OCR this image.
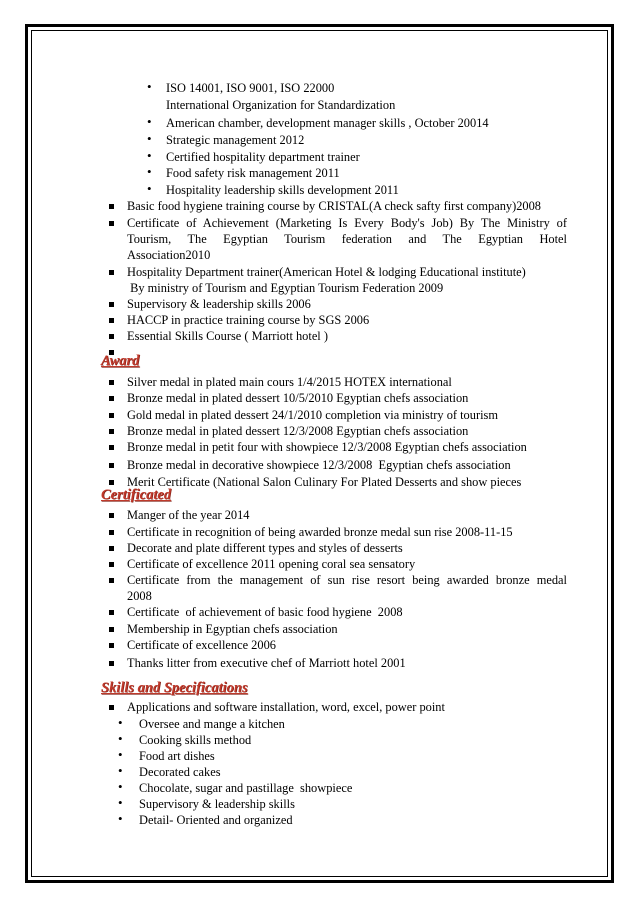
• ISO 14001, ISO 9001, ISO 22000
International Organization for Standardization
• American chamber, development manager skills , October 20014
• Strategic management 2012
• Certified hospitality department trainer
• Food safety risk management 2011
• Hospitality leadership skills development 2011
Basic food hygiene training course by CRISTAL(A check safty first company)2008
Certificate of Achievement (Marketing Is Every Body's Job) By The Ministry of
Tourism, The Egyptian Tourism federation and The Egyptian Hotel
Association2010
Hospitality Department trainer(American Hotel & lodging Educational institute)
By ministry of Tourism and Egyptian Tourism Federation 2009
Supervisory & leadership skills 2006
HACCP in practice training course by SGS 2006
Essential Skills Course ( Marriott hotel )
Award
Silver medal in plated main cours 1/4/2015 HOTEX international
Bronze medal in plated dessert 10/5/2010 Egyptian chefs association
Gold medal in plated dessert 24/1/2010 completion via ministry of tourism
Bronze medal in plated dessert 12/3/2008 Egyptian chefs association
Bronze medal in petit four with showpiece 12/3/2008 Egyptian chefs association
Bronze medal in decorative showpiece 12/3/2008  Egyptian chefs association
Merit Certificate (National Salon Culinary For Plated Desserts and show pieces
Certificated
Manger of the year 2014
Certificate in recognition of being awarded bronze medal sun rise 2008-11-15
Decorate and plate different types and styles of desserts
Certificate of excellence 2011 opening coral sea sensatory
Certificate from the management of sun rise resort being awarded bronze medal
2008
Certificate  of achievement of basic food hygiene  2008
Membership in Egyptian chefs association
Certificate of excellence 2006
Thanks litter from executive chef of Marriott hotel 2001
Skills and Specifications
Applications and software installation, word, excel, power point
• Oversee and mange a kitchen
• Cooking skills method
• Food art dishes
• Decorated cakes
• Chocolate, sugar and pastillage  showpiece
• Supervisory & leadership skills
• Detail- Oriented and organized
